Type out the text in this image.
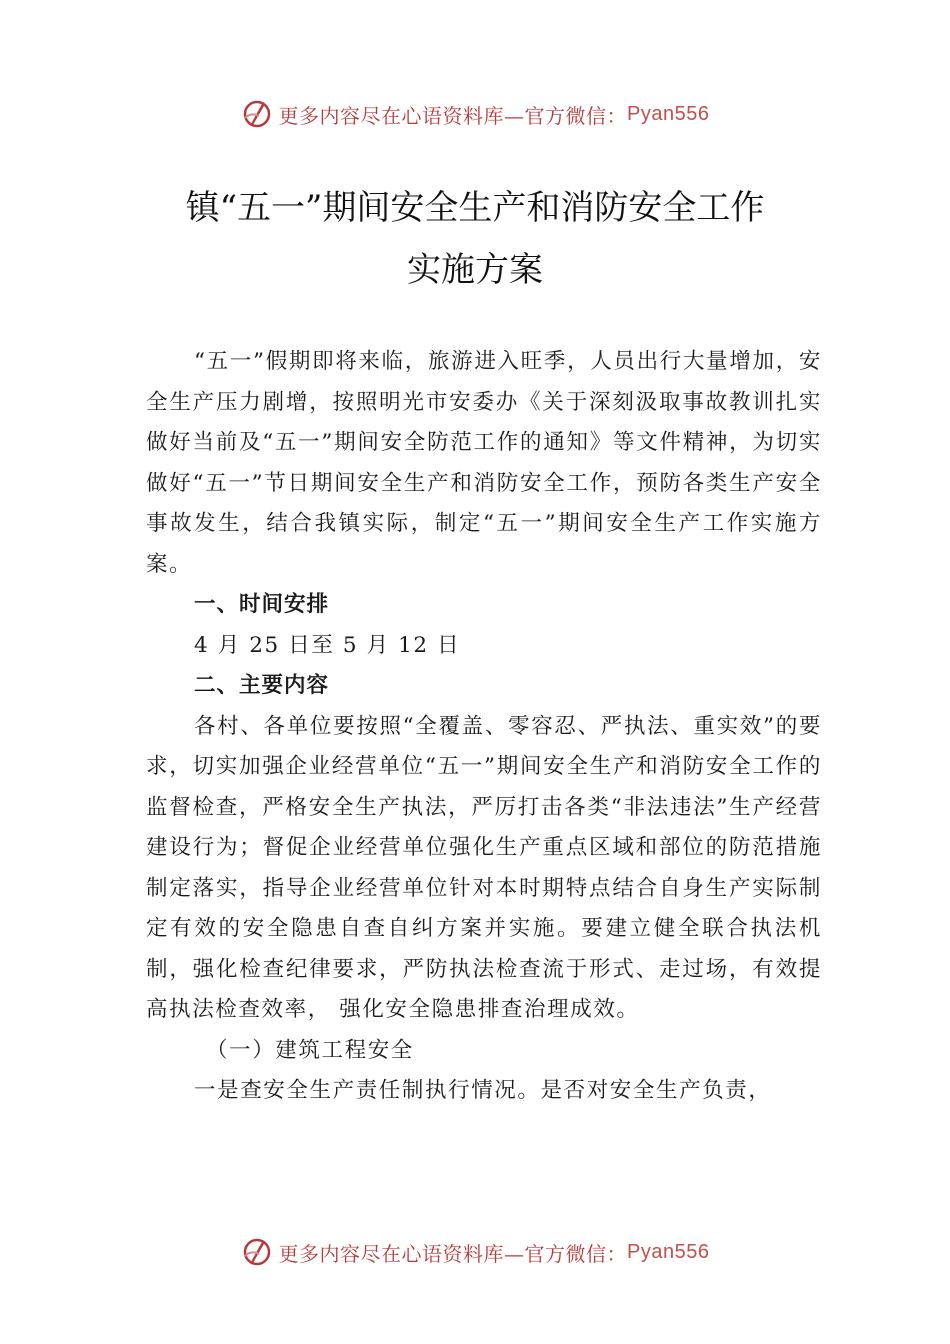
更多内容尽在心语资料库—官方微信： Pyan556
镇“五一”期间安全生产和消防安全工作
实施方案

“五一”假期即将来临，旅游进入旺季，人员出行大量增加，安全生产压力剧增，按照明光市安委办《关于深刻汲取事故教训扎实做好当前及“五一”期间安全防范工作的通知》等文件精神，为切实做好“五一”节日期间安全生产和消防安全工作，预防各类生产安全事故发生，结合我镇实际，制定“五一”期间安全生产工作实施方案。

一、时间安排

4 月 25 日至 5 月 12 日

二、主要内容

各村、各单位要按照“全覆盖、零容忍、严执法、重实效”的要求，切实加强企业经营单位“五一”期间安全生产和消防安全工作的监督检查，严格安全生产执法，严厉打击各类“非法违法”生产经营建设行为；督促企业经营单位强化生产重点区域和部位的防范措施制定落实，指导企业经营单位针对本时期特点结合自身生产实际制定有效的安全隐患自查自纠方案并实施。要建立健全联合执法机制，强化检查纪律要求，严防执法检查流于形式、走过场，有效提高执法检查效率， 强化安全隐患排查治理成效。

（一）建筑工程安全

一是查安全生产责任制执行情况。是否对安全生产负责，

更多内容尽在心语资料库—官方微信： Pyan556
